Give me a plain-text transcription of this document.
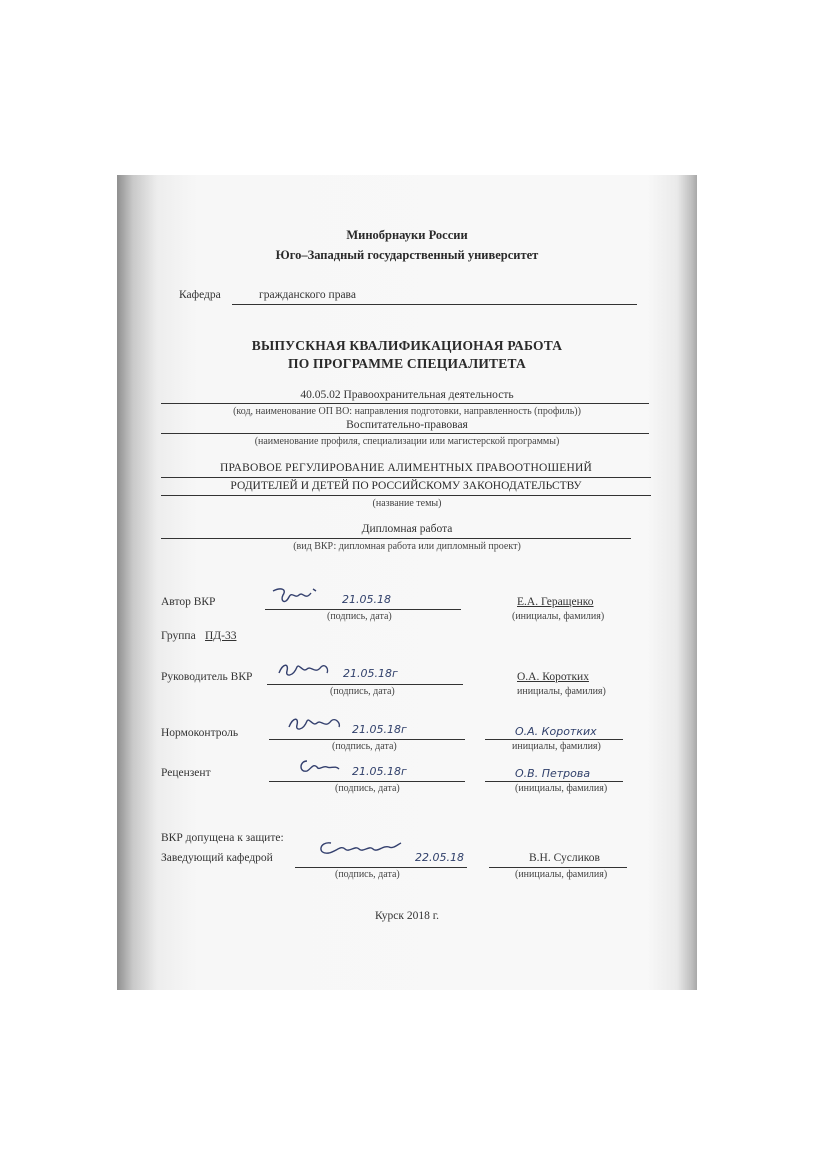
Минобрнауки России
Юго–Западный государственный университет
Кафедра	гражданского права
ВЫПУСКНАЯ КВАЛИФИКАЦИОНАЯ РАБОТА
ПО ПРОГРАММЕ СПЕЦИАЛИТЕТА
40.05.02 Правоохранительная деятельность
(код, наименование ОП ВО: направления подготовки, направленность (профиль))
Воспитательно-правовая
(наименование профиля, специализации или магистерской программы)
ПРАВОВОЕ РЕГУЛИРОВАНИЕ АЛИМЕНТНЫХ ПРАВООТНОШЕНИЙ
РОДИТЕЛЕЙ И ДЕТЕЙ ПО РОССИЙСКОМУ ЗАКОНОДАТЕЛЬСТВУ
(название темы)
Дипломная работа
(вид ВКР: дипломная работа или дипломный проект)
Автор ВКР	21.05.18
(подпись, дата)
Е.А. Геращенко
(инициалы, фамилия)
Группа ПД-33
Руководитель ВКР	21.05.18г
(подпись, дата)
О.А. Коротких
инициалы, фамилия)
Нормоконтроль	21.05.18г
(подпись, дата)
О.А. Коротких
инициалы, фамилия)
Рецензент	21.05.18г
(подпись, дата)
О.В. Петрова
(инициалы, фамилия)
ВКР допущена к защите:
Заведующий кафедрой	22.05.18
(подпись, дата)
В.Н. Сусликов
(инициалы, фамилия)
Курск 2018 г.
